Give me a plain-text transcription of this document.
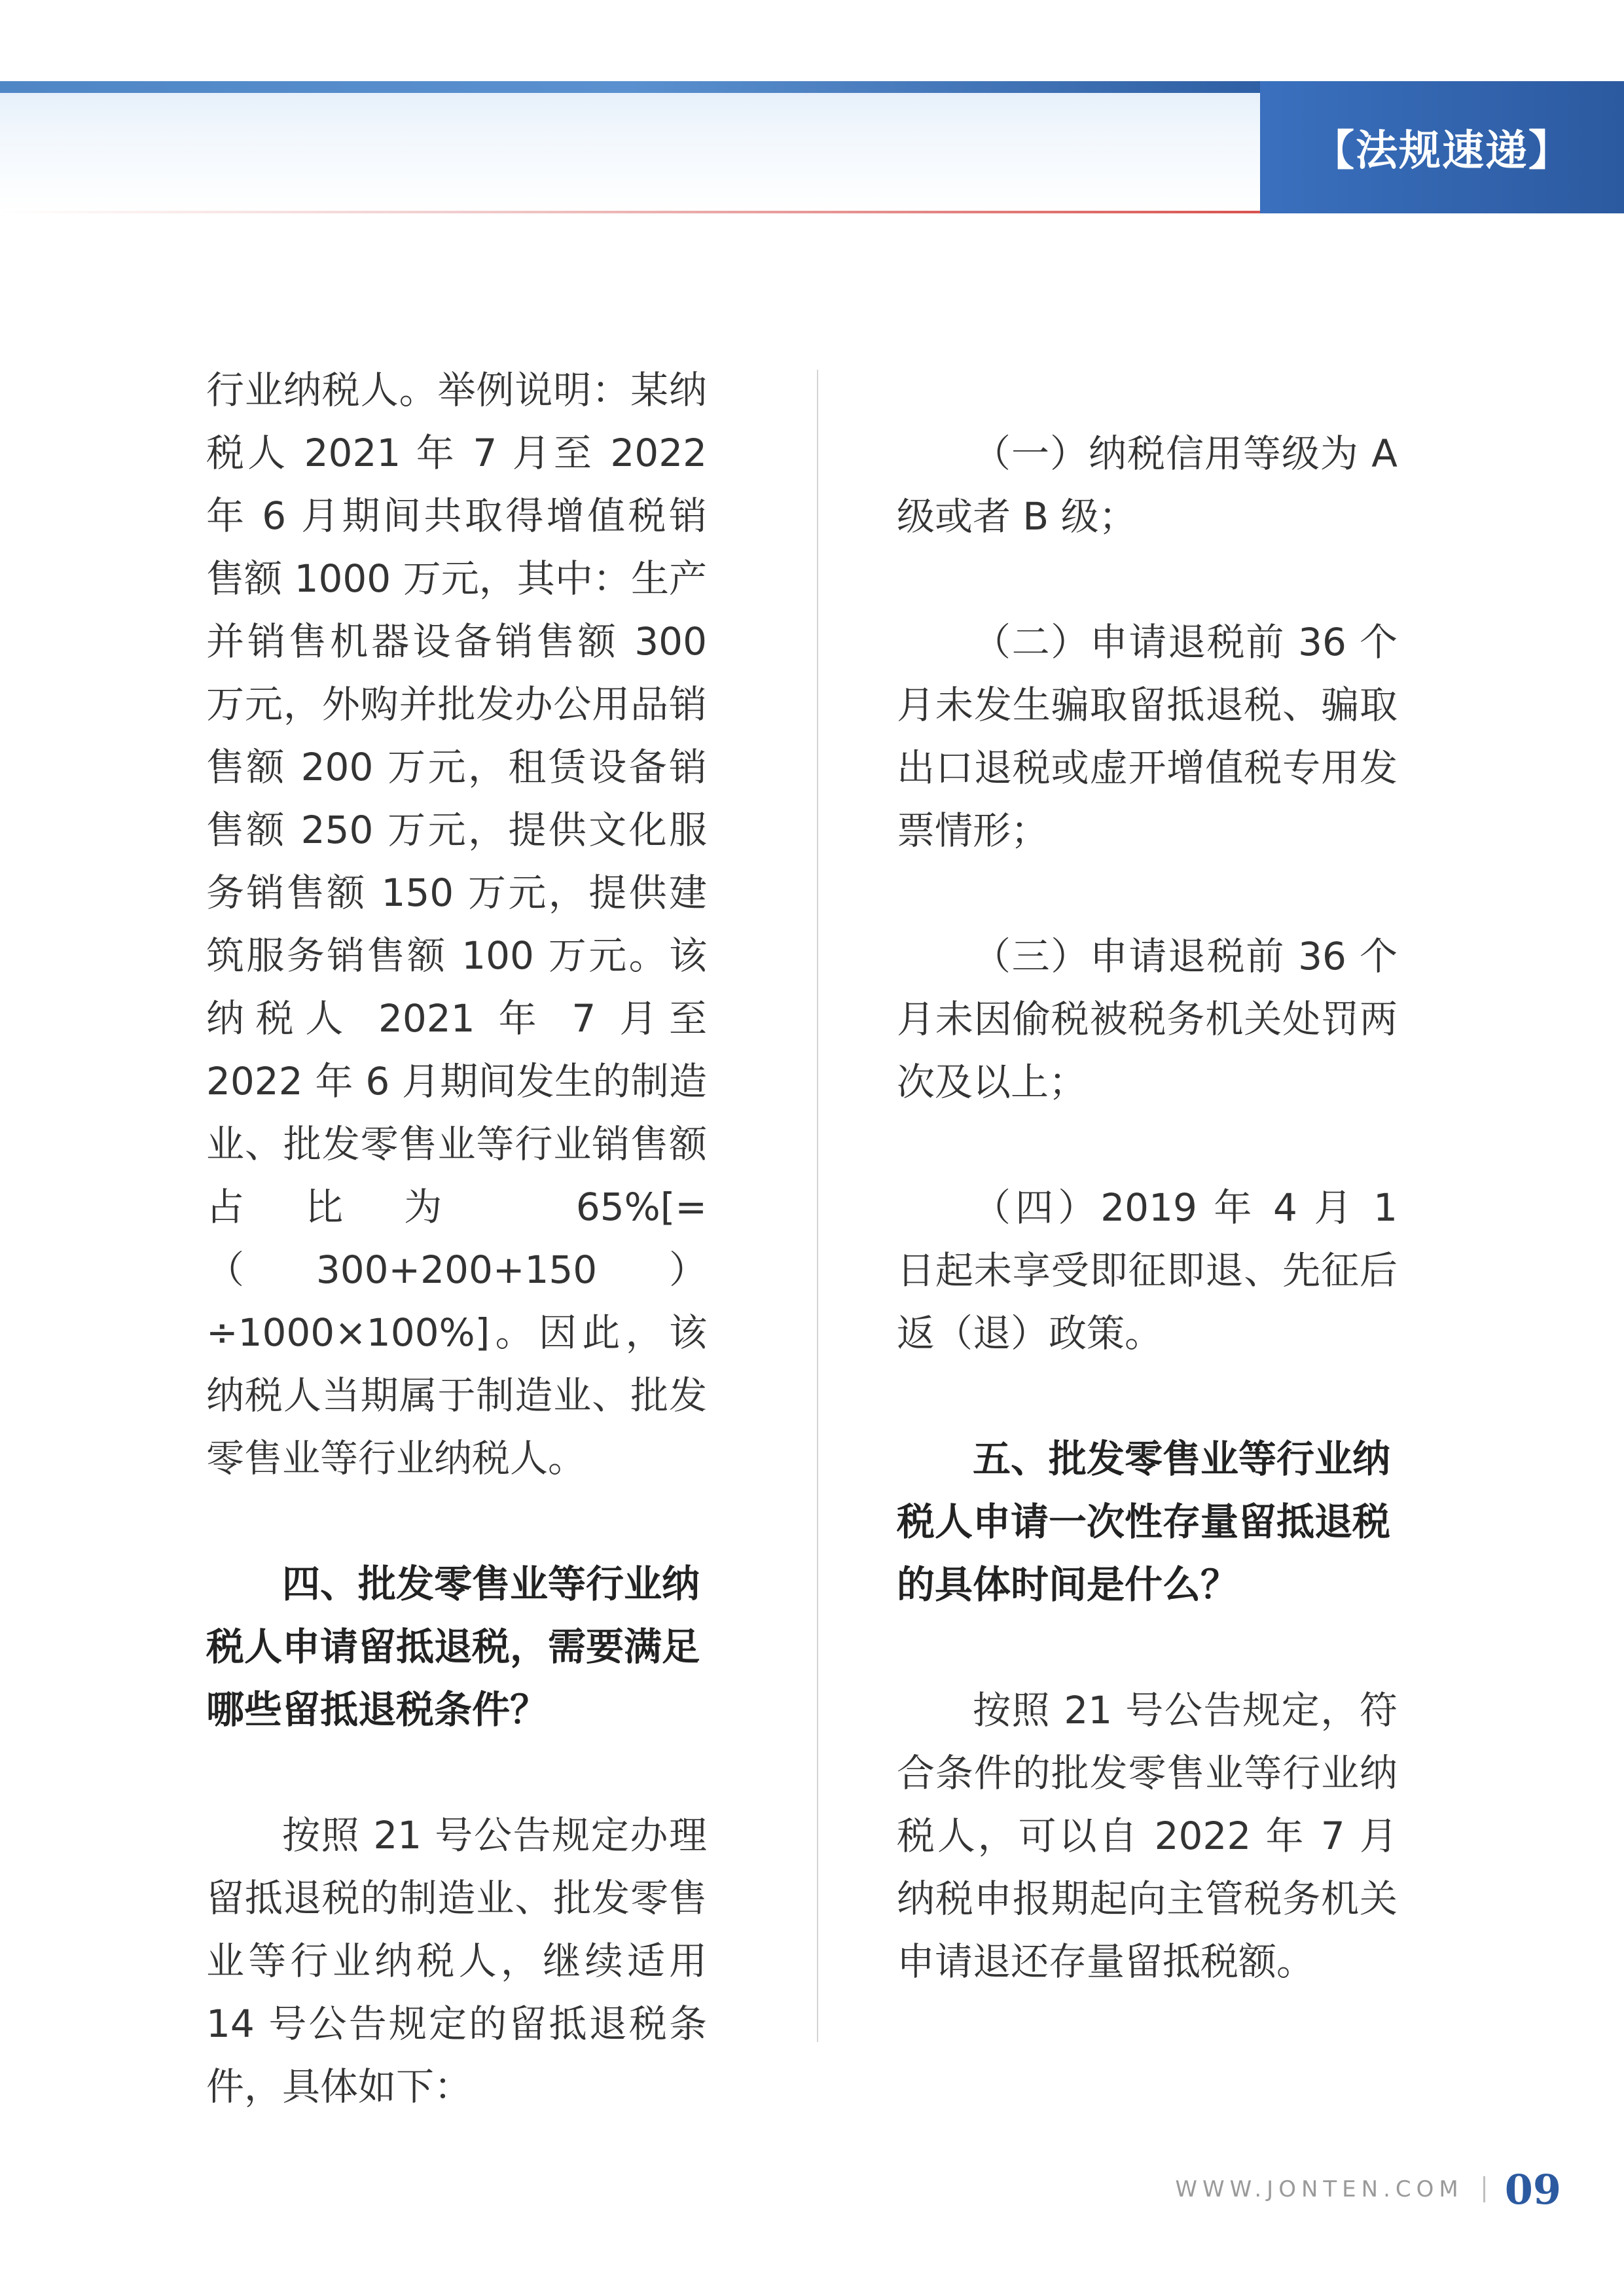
【法规速递】

行业纳税人。举例说明：某纳税人 2021 年 7 月至 2022 年 6 月期间共取得增值税销售额 1000 万元，其中：生产并销售机器设备销售额 300 万元，外购并批发办公用品销售额 200 万元，租赁设备销售额 250 万元，提供文化服务销售额 150 万元，提供建筑服务销售额 100 万元。该纳税人 2021 年 7 月至 2022 年 6 月期间发生的制造业、批发零售业等行业销售额占比为 65%[=（300+200+150）÷1000×100%]。因此，该纳税人当期属于制造业、批发零售业等行业纳税人。

四、批发零售业等行业纳税人申请留抵退税，需要满足哪些留抵退税条件？

按照 21 号公告规定办理留抵退税的制造业、批发零售业等行业纳税人，继续适用 14 号公告规定的留抵退税条件，具体如下：

（一）纳税信用等级为 A 级或者 B 级；

（二）申请退税前 36 个月未发生骗取留抵退税、骗取出口退税或虚开增值税专用发票情形；

（三）申请退税前 36 个月未因偷税被税务机关处罚两次及以上；

（四）2019 年 4 月 1 日起未享受即征即退、先征后返（退）政策。

五、批发零售业等行业纳税人申请一次性存量留抵退税的具体时间是什么？

按照 21 号公告规定，符合条件的批发零售业等行业纳税人，可以自 2022 年 7 月纳税申报期起向主管税务机关申请退还存量留抵税额。

WWW.JONTEN.COM 09
